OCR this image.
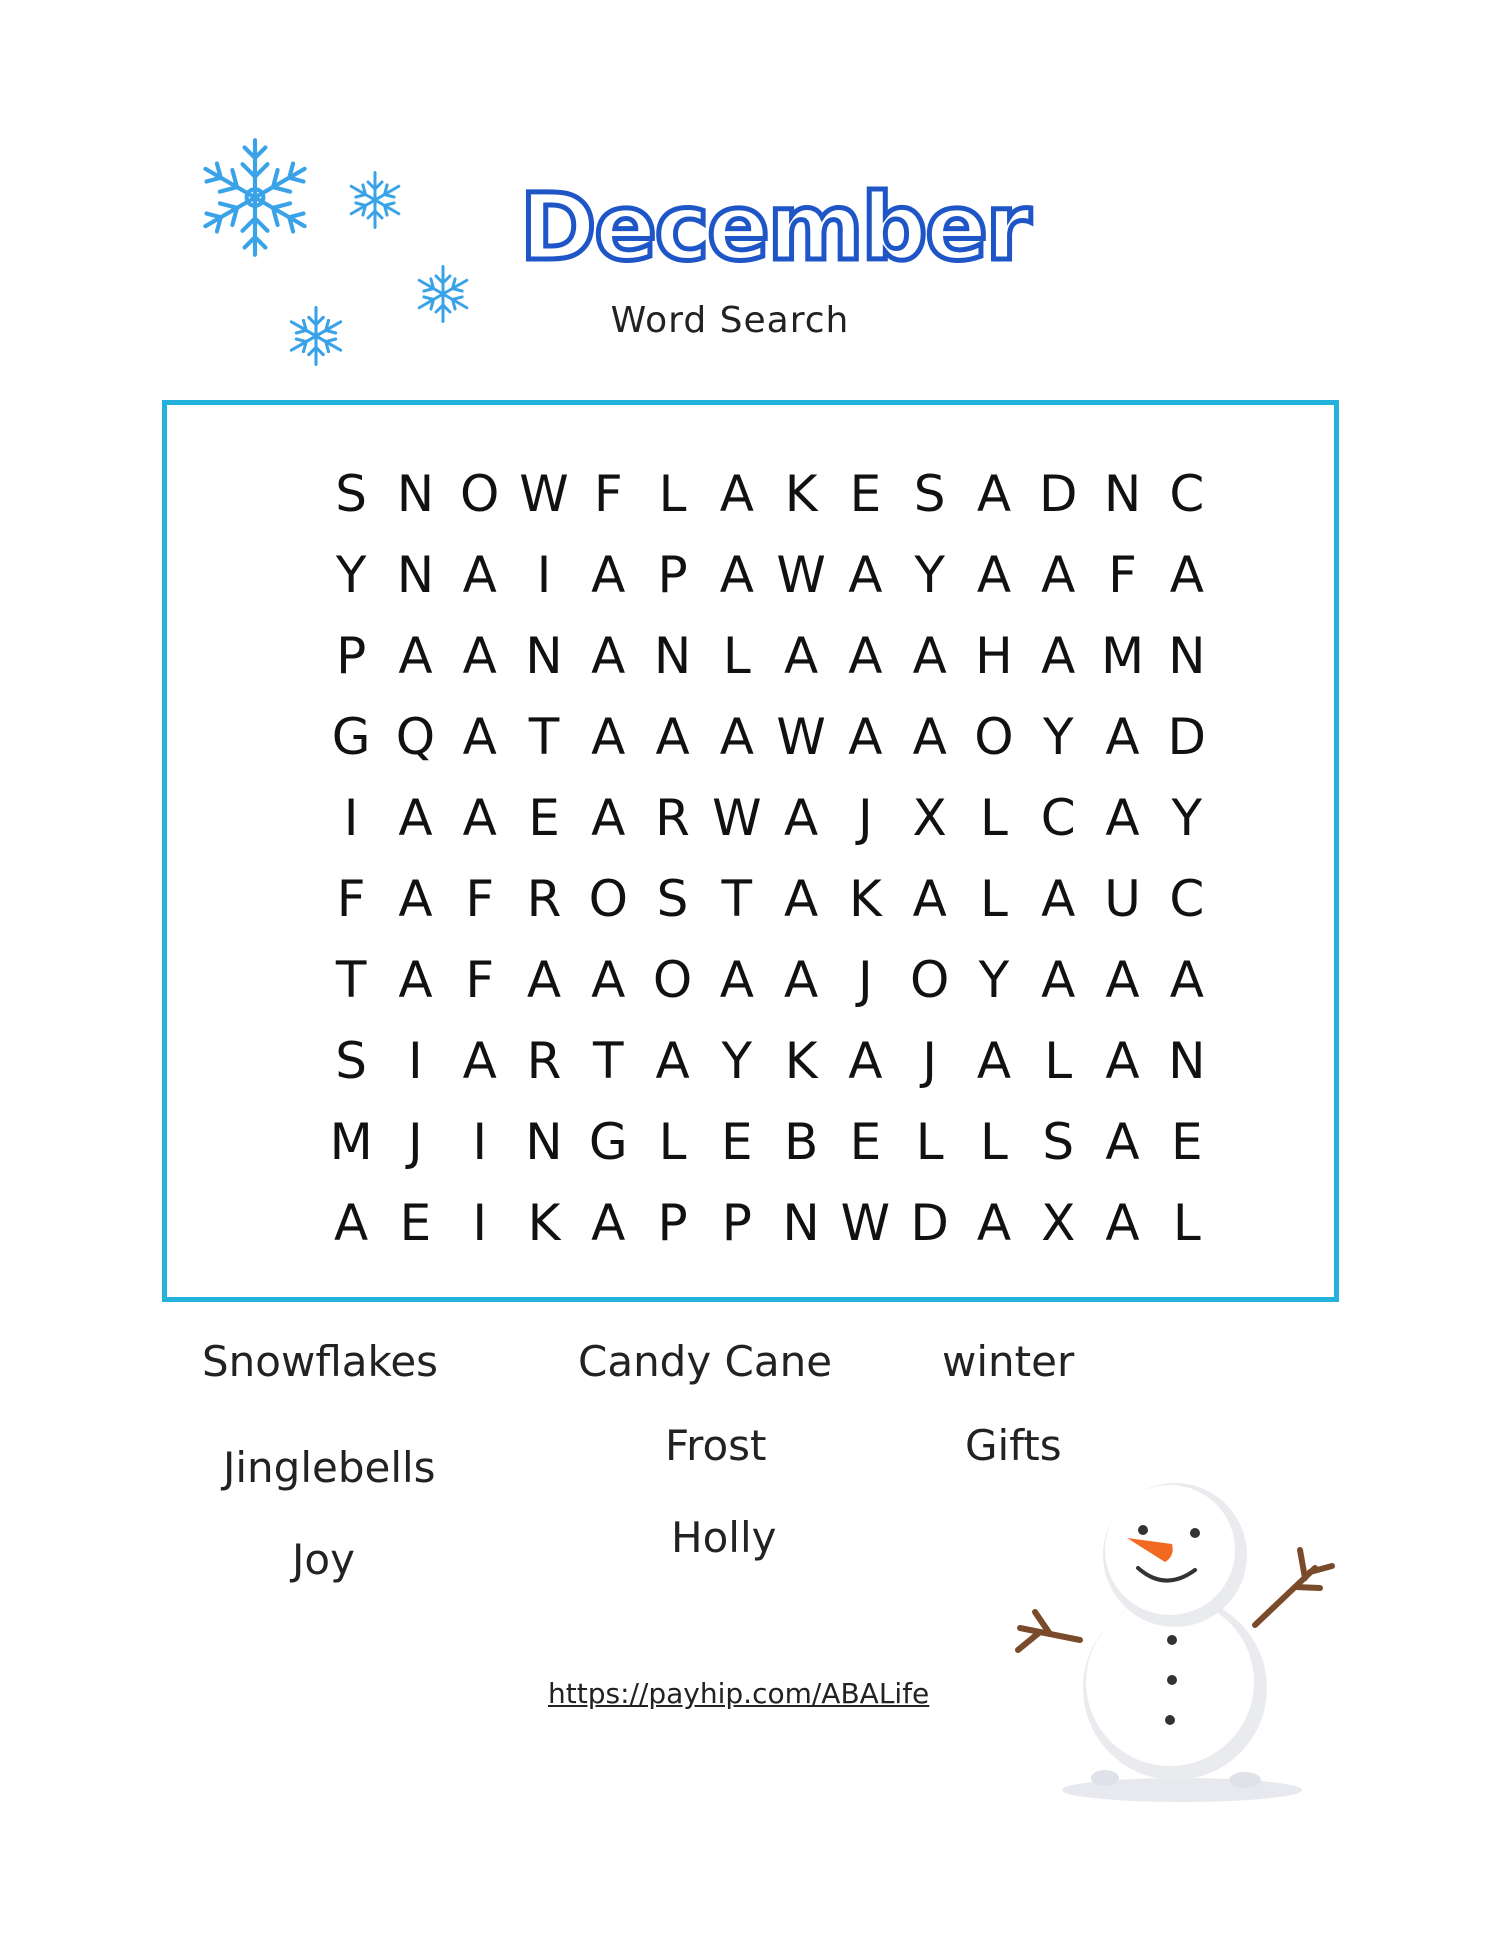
December
Word Search
S N O W F L A K E S A D N C
Y N A I A P A W A Y A A F A
P A A N A N L A A A H A M N
G Q A T A A A W A A O Y A D
I A A E A R W A J X L C A Y
F A F R O S T A K A L A U C
T A F A A O A A J O Y A A A
S I A R T A Y K A J A L A N
M J I N G L E B E L L S A E
A E I K A P P N W D A X A L
Snowflakes	Candy Cane	winter
Jinglebells	Frost	Gifts
Joy	Holly
https://payhip.com/ABALife
